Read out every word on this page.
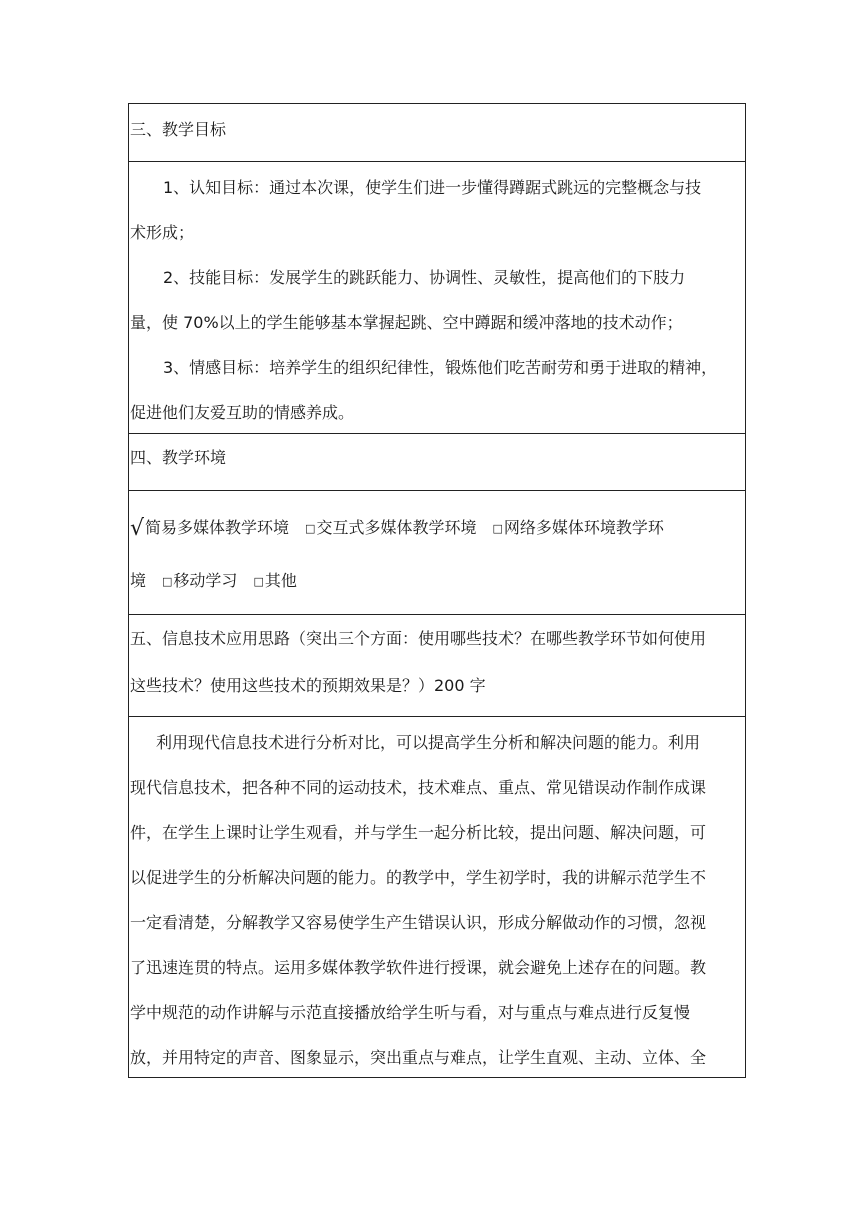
三、教学目标
1、认知目标：通过本次课，使学生们进一步懂得蹲踞式跳远的完整概念与技
术形成；
2、技能目标：发展学生的跳跃能力、协调性、灵敏性，提高他们的下肢力
量，使 70%以上的学生能够基本掌握起跳、空中蹲踞和缓冲落地的技术动作；
3、情感目标：培养学生的组织纪律性，锻炼他们吃苦耐劳和勇于进取的精神，
促进他们友爱互助的情感养成。
四、教学环境
√简易多媒体教学环境 □交互式多媒体教学环境 □网络多媒体环境教学环
境 □移动学习 □其他
五、信息技术应用思路（突出三个方面：使用哪些技术？在哪些教学环节如何使用
这些技术？使用这些技术的预期效果是？）200 字
利用现代信息技术进行分析对比，可以提高学生分析和解决问题的能力。利用
现代信息技术，把各种不同的运动技术，技术难点、重点、常见错误动作制作成课
件，在学生上课时让学生观看，并与学生一起分析比较，提出问题、解决问题，可
以促进学生的分析解决问题的能力。的教学中，学生初学时，我的讲解示范学生不
一定看清楚，分解教学又容易使学生产生错误认识，形成分解做动作的习惯，忽视
了迅速连贯的特点。运用多媒体教学软件进行授课，就会避免上述存在的问题。教
学中规范的动作讲解与示范直接播放给学生听与看，对与重点与难点进行反复慢
放，并用特定的声音、图象显示，突出重点与难点，让学生直观、主动、立体、全
